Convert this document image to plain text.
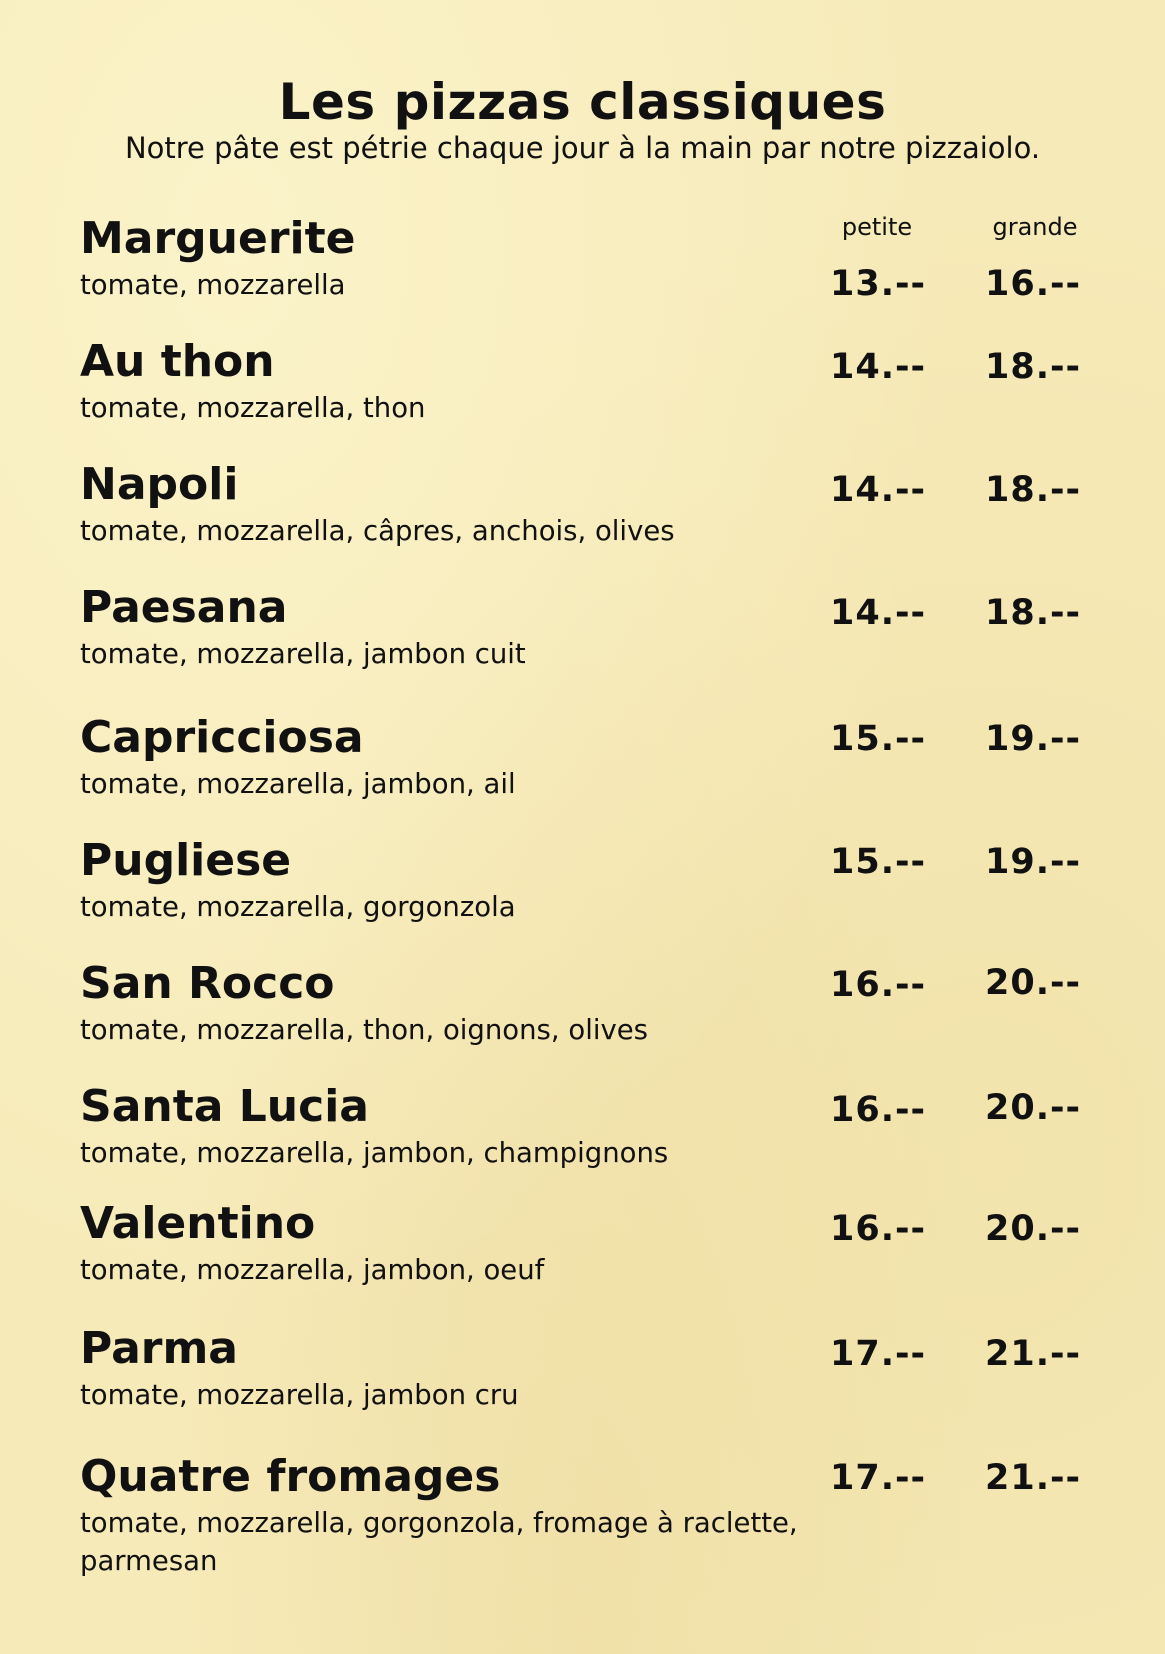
Les pizzas classiques
Notre pâte est pétrie chaque jour à la main par notre pizzaiolo.
petite	grande
Marguerite
tomate, mozzarella	13.-- 16.--
Au thon
tomate, mozzarella, thon
14.-- 18.--
Napoli
tomate, mozzarella, câpres, anchois, olives
14.-- 18.--
Paesana
tomate, mozzarella, jambon cuit
14.-- 18.--
Capricciosa
tomate, mozzarella, jambon, ail
15.-- 19.--
Pugliese
tomate, mozzarella, gorgonzola
15.-- 19.--
San Rocco
tomate, mozzarella, thon, oignons, olives
16.-- 20.--
Santa Lucia
tomate, mozzarella, jambon, champignons
16.-- 20.--
Valentino
tomate, mozzarella, jambon, oeuf
16.-- 20.--
Parma
tomate, mozzarella, jambon cru
17.-- 21.--
Quatre fromages
tomate, mozzarella, gorgonzola, fromage à raclette, parmesan
17.-- 21.--
